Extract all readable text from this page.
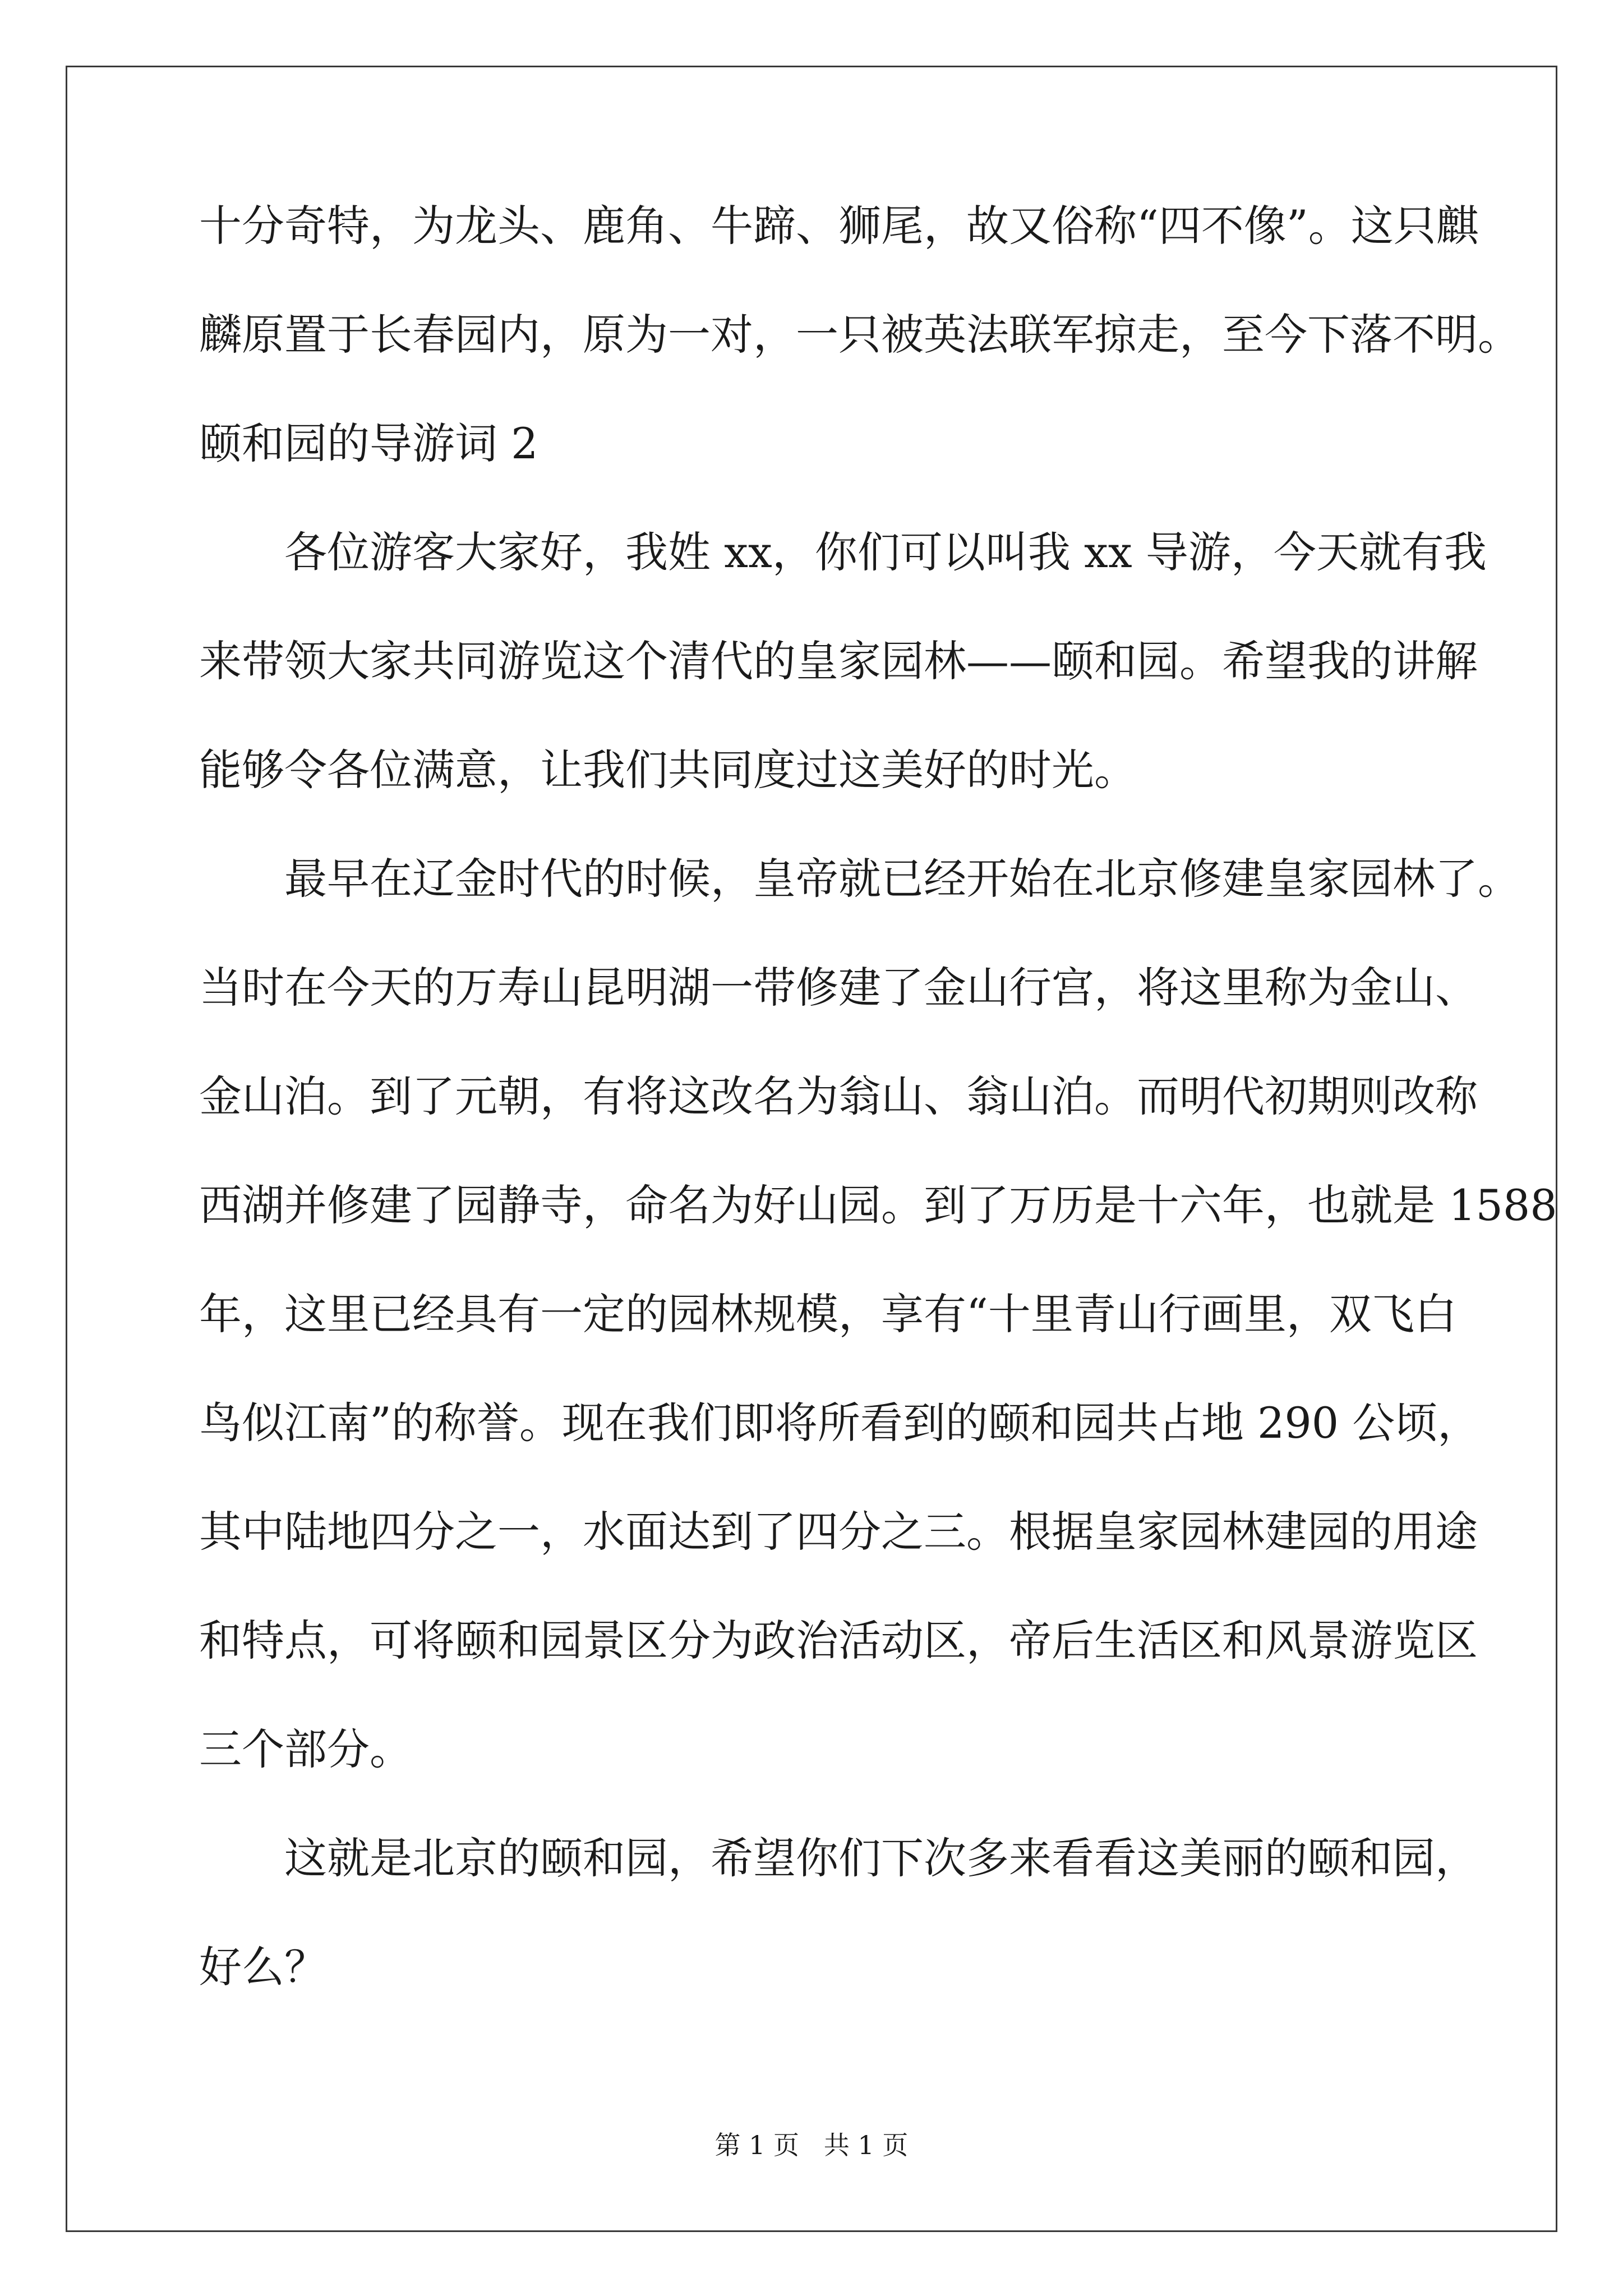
十分奇特，为龙头、鹿角、牛蹄、狮尾，故又俗称“四不像”。这只麒
麟原置于长春园内，原为一对，一只被英法联军掠走，至今下落不明。
颐和园的导游词 2
各位游客大家好，我姓 xx，你们可以叫我 xx 导游，今天就有我
来带领大家共同游览这个清代的皇家园林——颐和园。希望我的讲解
能够令各位满意，让我们共同度过这美好的时光。
最早在辽金时代的时候，皇帝就已经开始在北京修建皇家园林了。
当时在今天的万寿山昆明湖一带修建了金山行宫，将这里称为金山、
金山泊。到了元朝，有将这改名为翁山、翁山泊。而明代初期则改称
西湖并修建了园静寺，命名为好山园。到了万历是十六年，也就是 1588
年，这里已经具有一定的园林规模，享有“十里青山行画里，双飞白
鸟似江南”的称誉。现在我们即将所看到的颐和园共占地 290 公顷，
其中陆地四分之一，水面达到了四分之三。根据皇家园林建园的用途
和特点，可将颐和园景区分为政治活动区，帝后生活区和风景游览区
三个部分。
这就是北京的颐和园，希望你们下次多来看看这美丽的颐和园，
好么？
第 1 页   共 1 页
